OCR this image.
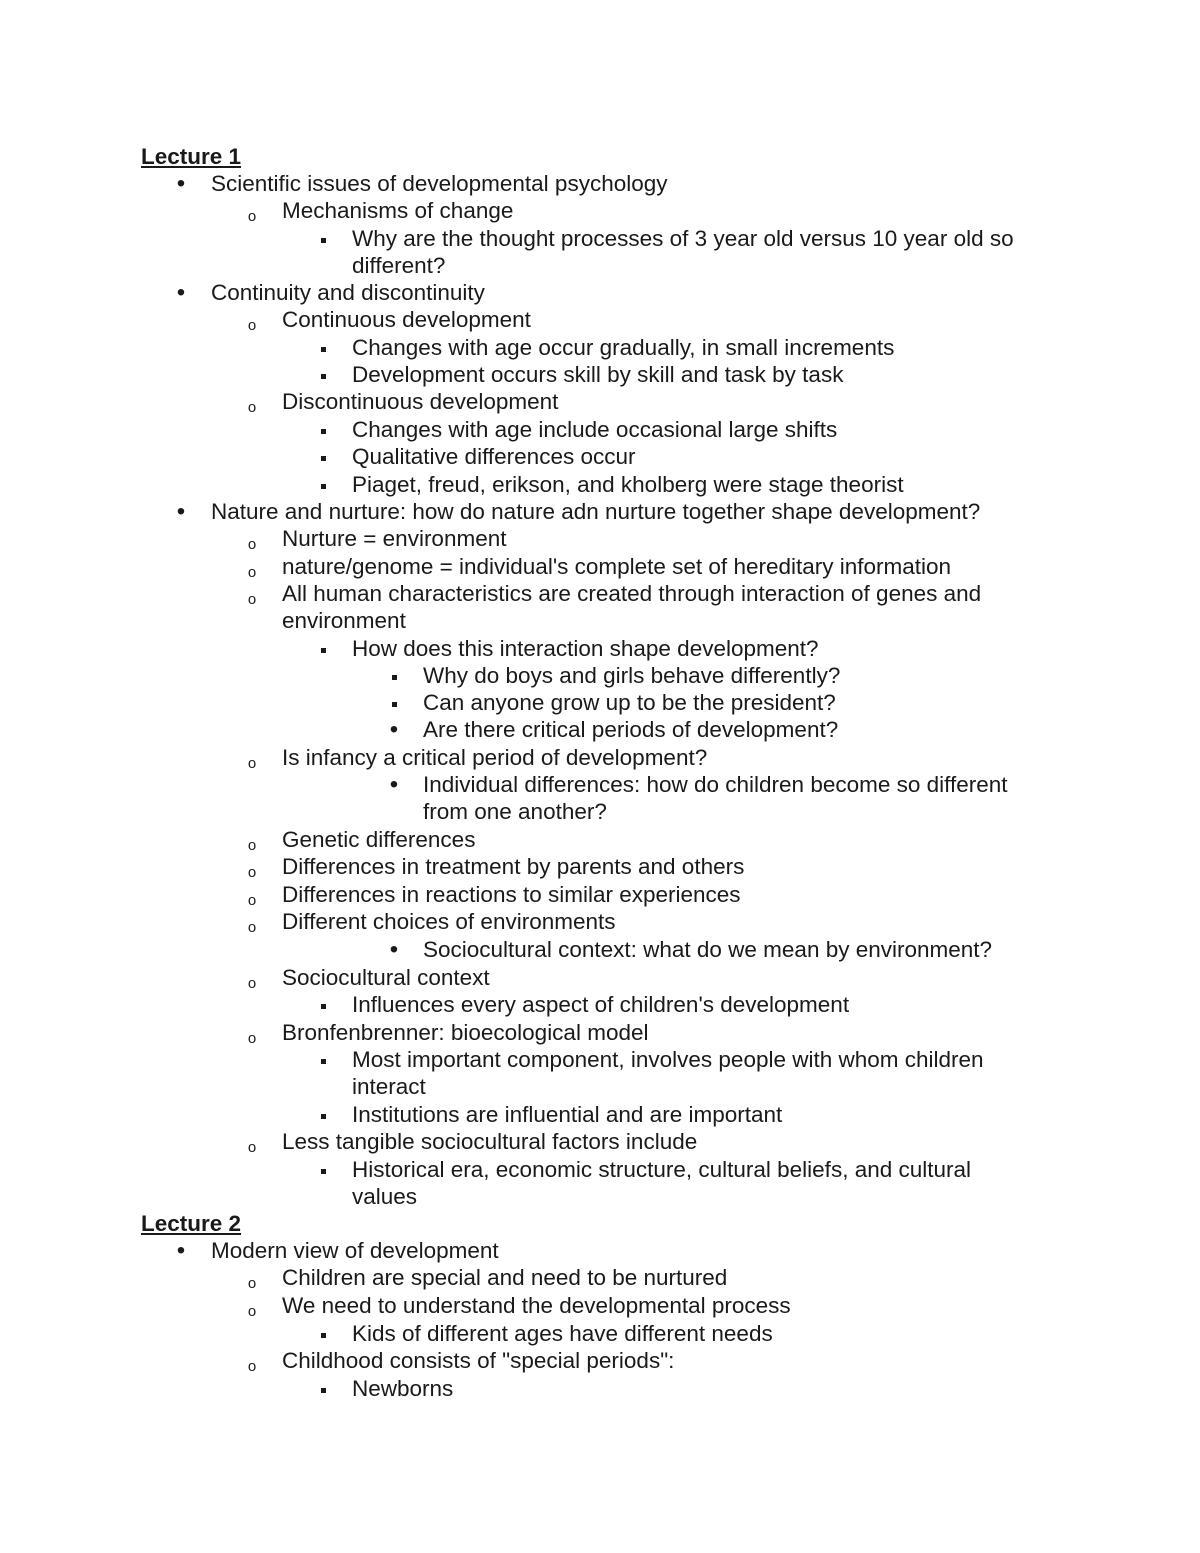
Lecture 1
•
Scientific issues of developmental psychology
o
Mechanisms of change
Why are the thought processes of 3 year old versus 10 year old so
different?
•
Continuity and discontinuity
o
Continuous development
Changes with age occur gradually, in small increments
Development occurs skill by skill and task by task
o
Discontinuous development
Changes with age include occasional large shifts
Qualitative differences occur
Piaget, freud, erikson, and kholberg were stage theorist
•
Nature and nurture: how do nature adn nurture together shape development?
o
Nurture = environment
o
nature/genome = individual's complete set of hereditary information
o
All human characteristics are created through interaction of genes and
environment
How does this interaction shape development?
Why do boys and girls behave differently?
Can anyone grow up to be the president?
•
Are there critical periods of development?
o
Is infancy a critical period of development?
•
Individual differences: how do children become so different
from one another?
o
Genetic differences
o
Differences in treatment by parents and others
o
Differences in reactions to similar experiences
o
Different choices of environments
•
Sociocultural context: what do we mean by environment?
o
Sociocultural context
Influences every aspect of children's development
o
Bronfenbrenner: bioecological model
Most important component, involves people with whom children
interact
Institutions are influential and are important
o
Less tangible sociocultural factors include
Historical era, economic structure, cultural beliefs, and cultural
values
Lecture 2
•
Modern view of development
o
Children are special and need to be nurtured
o
We need to understand the developmental process
Kids of different ages have different needs
o
Childhood consists of "special periods":
Newborns
